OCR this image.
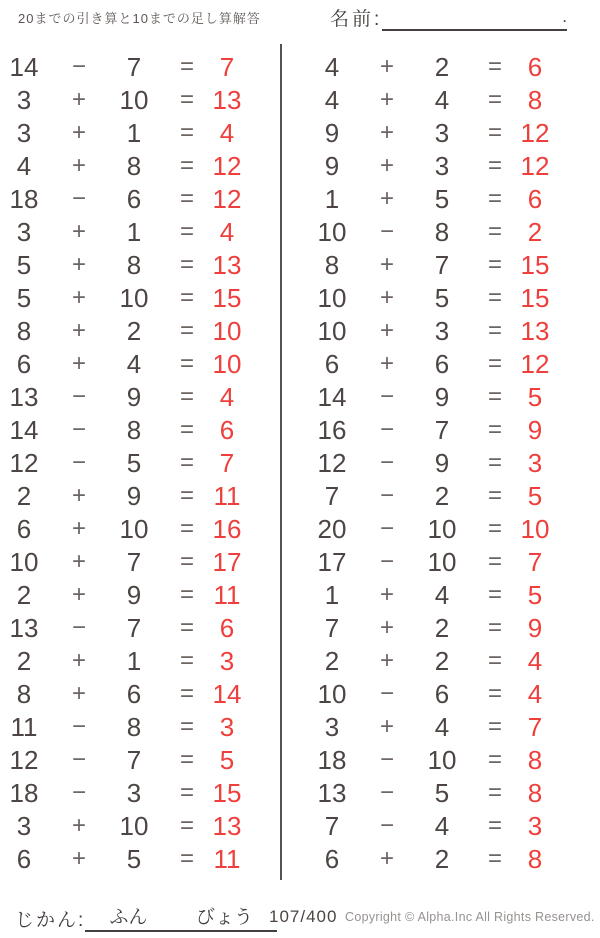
20までの引き算と10までの足し算解答	名前:	.
14	−	7	= 7
3	+	10	= 13
3	+	1	= 4
4	+	8	= 12
18	−	6	= 12
3	+	1	= 4
5	+	8	= 13
5	+	10	= 15
8	+	2	= 10
6	+	4	= 10
13	−	9	= 4
14	−	8	= 6
12	−	5	= 7
2	+	9	= 11
6	+	10	= 16
10	+	7	= 17
2	+	9	= 11
13	−	7	= 6
2	+	1	= 3
8	+	6	= 14
11	−	8	= 3
12	−	7	= 5
18	−	3	= 15
3	+	10	= 13
6	+	5	= 11
4	+	2	= 6
4	+	4	= 8
9	+	3	= 12
9	+	3	= 12
1	+	5	= 6
10	−	8	= 2
8	+	7	= 15
10	+	5	= 15
10	+	3	= 13
6	+	6	= 12
14	−	9	= 5
16	−	7	= 9
12	−	9	= 3
7	−	2	= 5
20	−	10	= 10
17	−	10	= 7
1	+	4	= 5
7	+	2	= 9
2	+	2	= 4
10	−	6	= 4
3	+	4	= 7
18	−	10	= 8
13	−	5	= 8
7	−	4	= 3
6	+	2	= 8
じかん: ふん	びょう 107/400 Copyright © Alpha.Inc All Rights Reserved.
